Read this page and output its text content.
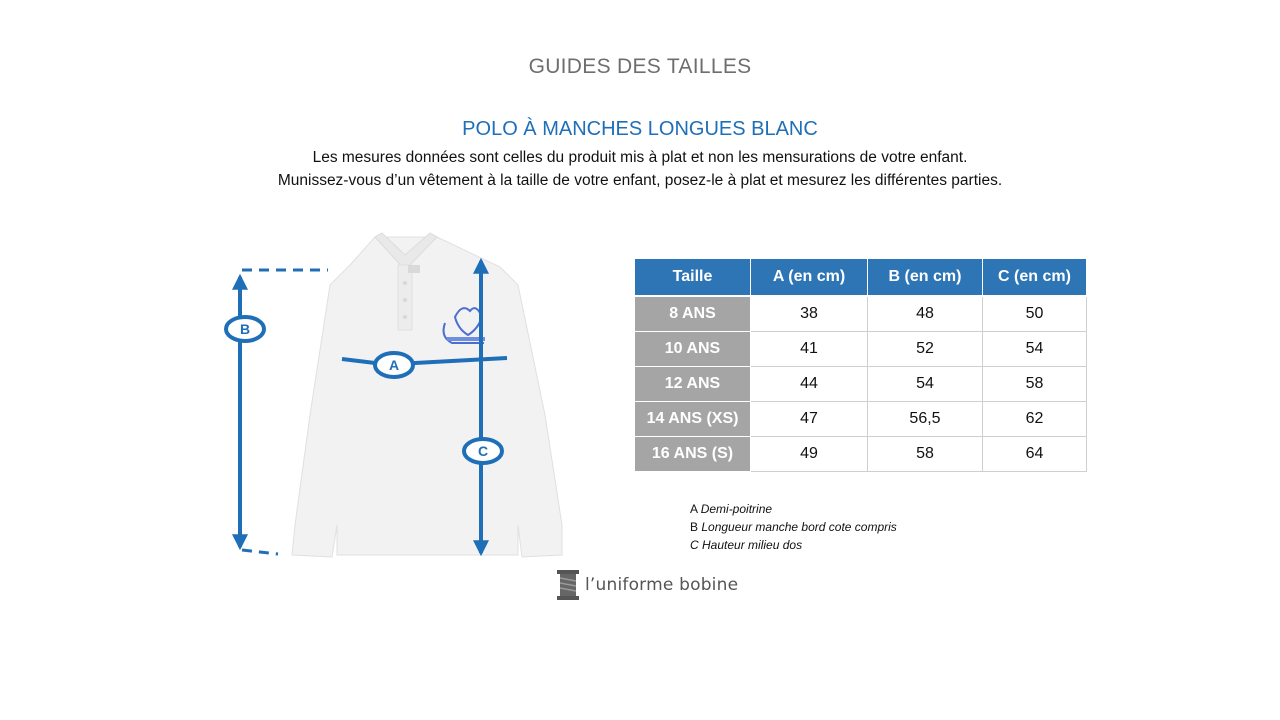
GUIDES DES TAILLES
POLO À MANCHES LONGUES BLANC
Les mesures données sont celles du produit mis à plat et non les mensurations de votre enfant.
Munissez-vous d’un vêtement à la taille de votre enfant, posez-le à plat et mesurez les différentes parties.
B
A
C
Taille	A (en cm)	B (en cm)	C (en cm)
8 ANS	38	48	50
10 ANS	41	52	54
12 ANS	44	54	58
14 ANS (XS)	47	56,5	62
16 ANS (S)	49	58	64
A Demi-poitrine
B Longueur manche bord cote compris
C Hauteur milieu dos
l’uniforme bobine
